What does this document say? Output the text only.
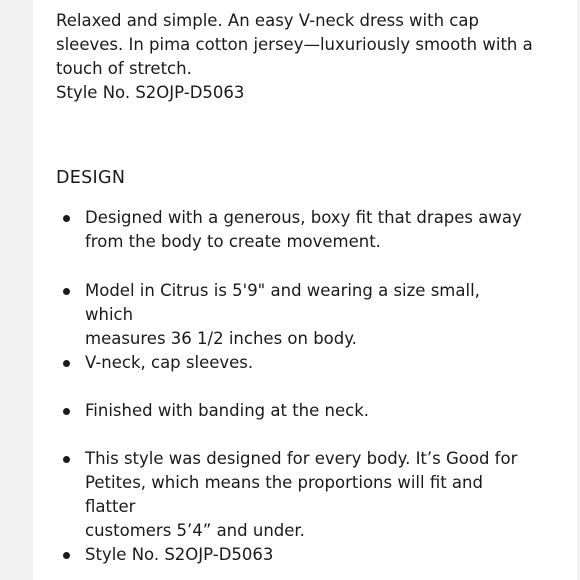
Relaxed and simple. An easy V-neck dress with cap

sleeves. In pima cotton jersey—luxuriously smooth with a

touch of stretch.

Style No. S2OJP-D5063

DESIGN
Designed with a generous, boxy fit that drapes away
from the body to create movement.
Model in Citrus is 5'9" and wearing a size small, which
measures 36 1/2 inches on body.
V-neck, cap sleeves.
Finished with banding at the neck.
This style was designed for every body. It’s Good for
Petites, which means the proportions will fit and flatter
customers 5’4” and under.
Style No. S2OJP-D5063
